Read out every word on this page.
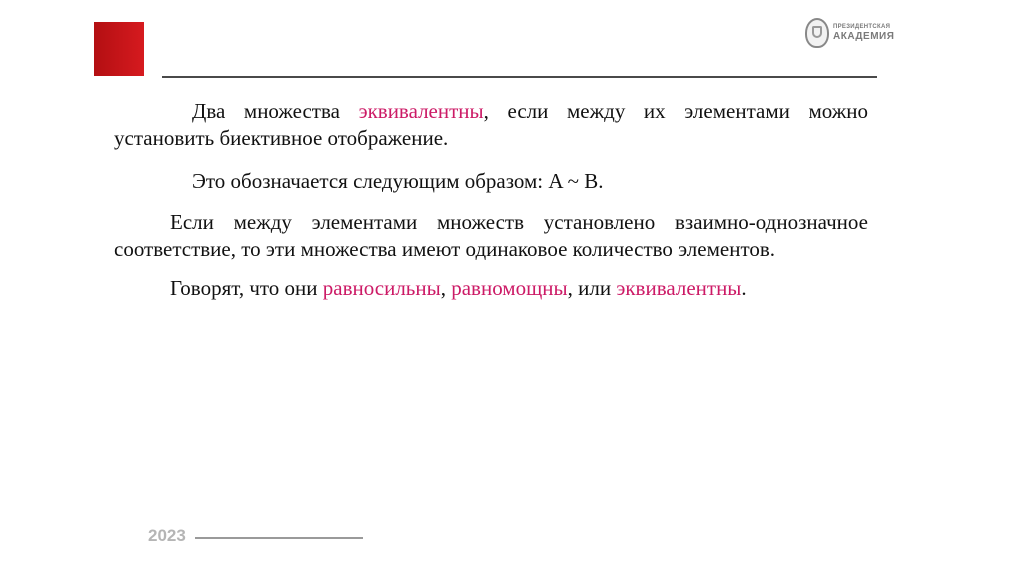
ПРЕЗИДЕНТСКАЯ
АКАДЕМИЯ

Два множества эквивалентны, если между их элементами можно установить биективное отображение.

Это обозначается следующим образом: A ~ B.

Если между элементами множеств установлено взаимно-однозначное соответствие, то эти множества имеют одинаковое количество элементов.

Говорят, что они равносильны, равномощны, или эквивалентны.

2023
